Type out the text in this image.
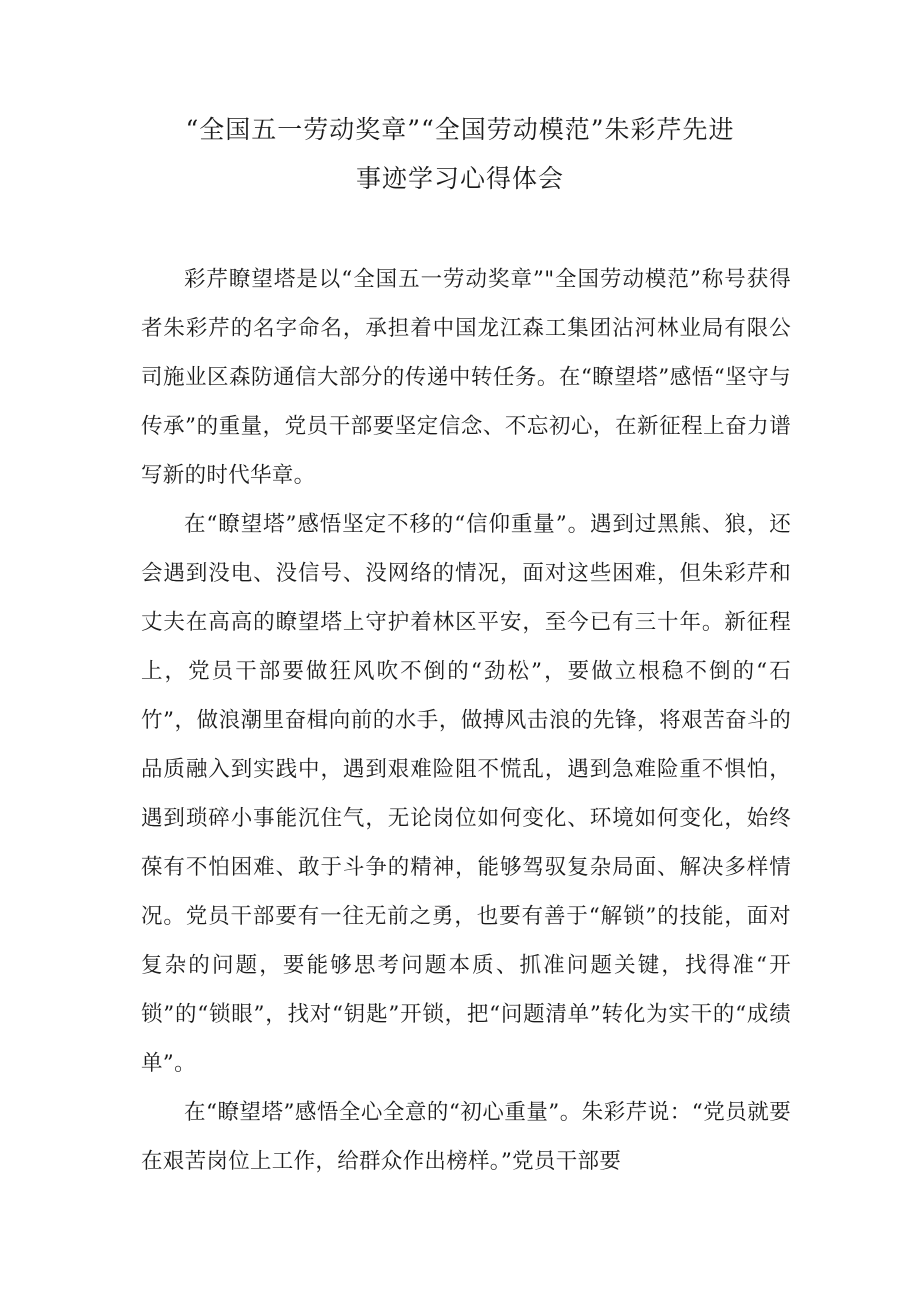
“全国五一劳动奖章”“全国劳动模范”朱彩芹先进
事迹学习心得体会

彩芹瞭望塔是以“全国五一劳动奖章”"全国劳动模范”称号获得者朱彩芹的名字命名，承担着中国龙江森工集团沾河林业局有限公司施业区森防通信大部分的传递中转任务。在“瞭望塔”感悟“坚守与传承”的重量，党员干部要坚定信念、不忘初心，在新征程上奋力谱写新的时代华章。

在“瞭望塔”感悟坚定不移的“信仰重量”。遇到过黑熊、狼，还会遇到没电、没信号、没网络的情况，面对这些困难，但朱彩芹和丈夫在高高的瞭望塔上守护着林区平安，至今已有三十年。新征程上，党员干部要做狂风吹不倒的“劲松”，要做立根稳不倒的“石竹”，做浪潮里奋楫向前的水手，做搏风击浪的先锋，将艰苦奋斗的品质融入到实践中，遇到艰难险阻不慌乱，遇到急难险重不惧怕，遇到琐碎小事能沉住气，无论岗位如何变化、环境如何变化，始终葆有不怕困难、敢于斗争的精神，能够驾驭复杂局面、解决多样情况。党员干部要有一往无前之勇，也要有善于“解锁”的技能，面对复杂的问题，要能够思考问题本质、抓准问题关键，找得准“开锁”的“锁眼”，找对“钥匙”开锁，把“问题清单”转化为实干的“成绩单”。

在“瞭望塔”感悟全心全意的“初心重量”。朱彩芹说：“党员就要在艰苦岗位上工作，给群众作出榜样。”党员干部要
